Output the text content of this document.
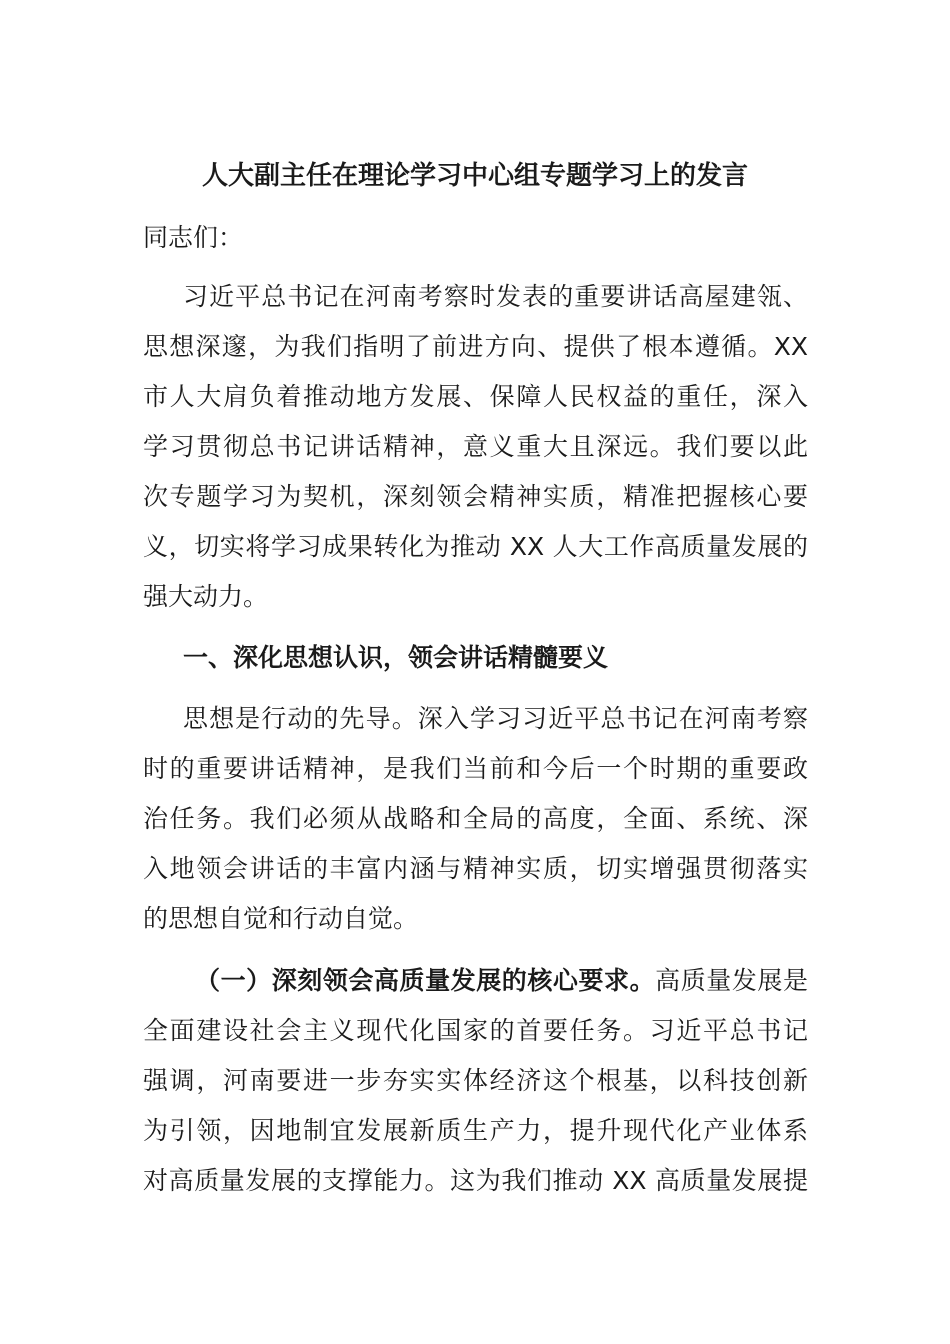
人大副主任在理论学习中心组专题学习上的发言
同志们：
习近平总书记在河南考察时发表的重要讲话高屋建瓴、
思想深邃，为我们指明了前进方向、提供了根本遵循。XX
市人大肩负着推动地方发展、保障人民权益的重任，深入
学习贯彻总书记讲话精神，意义重大且深远。我们要以此
次专题学习为契机，深刻领会精神实质，精准把握核心要
义，切实将学习成果转化为推动 XX 人大工作高质量发展的
强大动力。
一、深化思想认识，领会讲话精髓要义
思想是行动的先导。深入学习习近平总书记在河南考察
时的重要讲话精神，是我们当前和今后一个时期的重要政
治任务。我们必须从战略和全局的高度，全面、系统、深
入地领会讲话的丰富内涵与精神实质，切实增强贯彻落实
的思想自觉和行动自觉。
（一）深刻领会高质量发展的核心要求。高质量发展是
全面建设社会主义现代化国家的首要任务。习近平总书记
强调，河南要进一步夯实实体经济这个根基，以科技创新
为引领，因地制宜发展新质生产力，提升现代化产业体系
对高质量发展的支撑能力。这为我们推动 XX 高质量发展提
